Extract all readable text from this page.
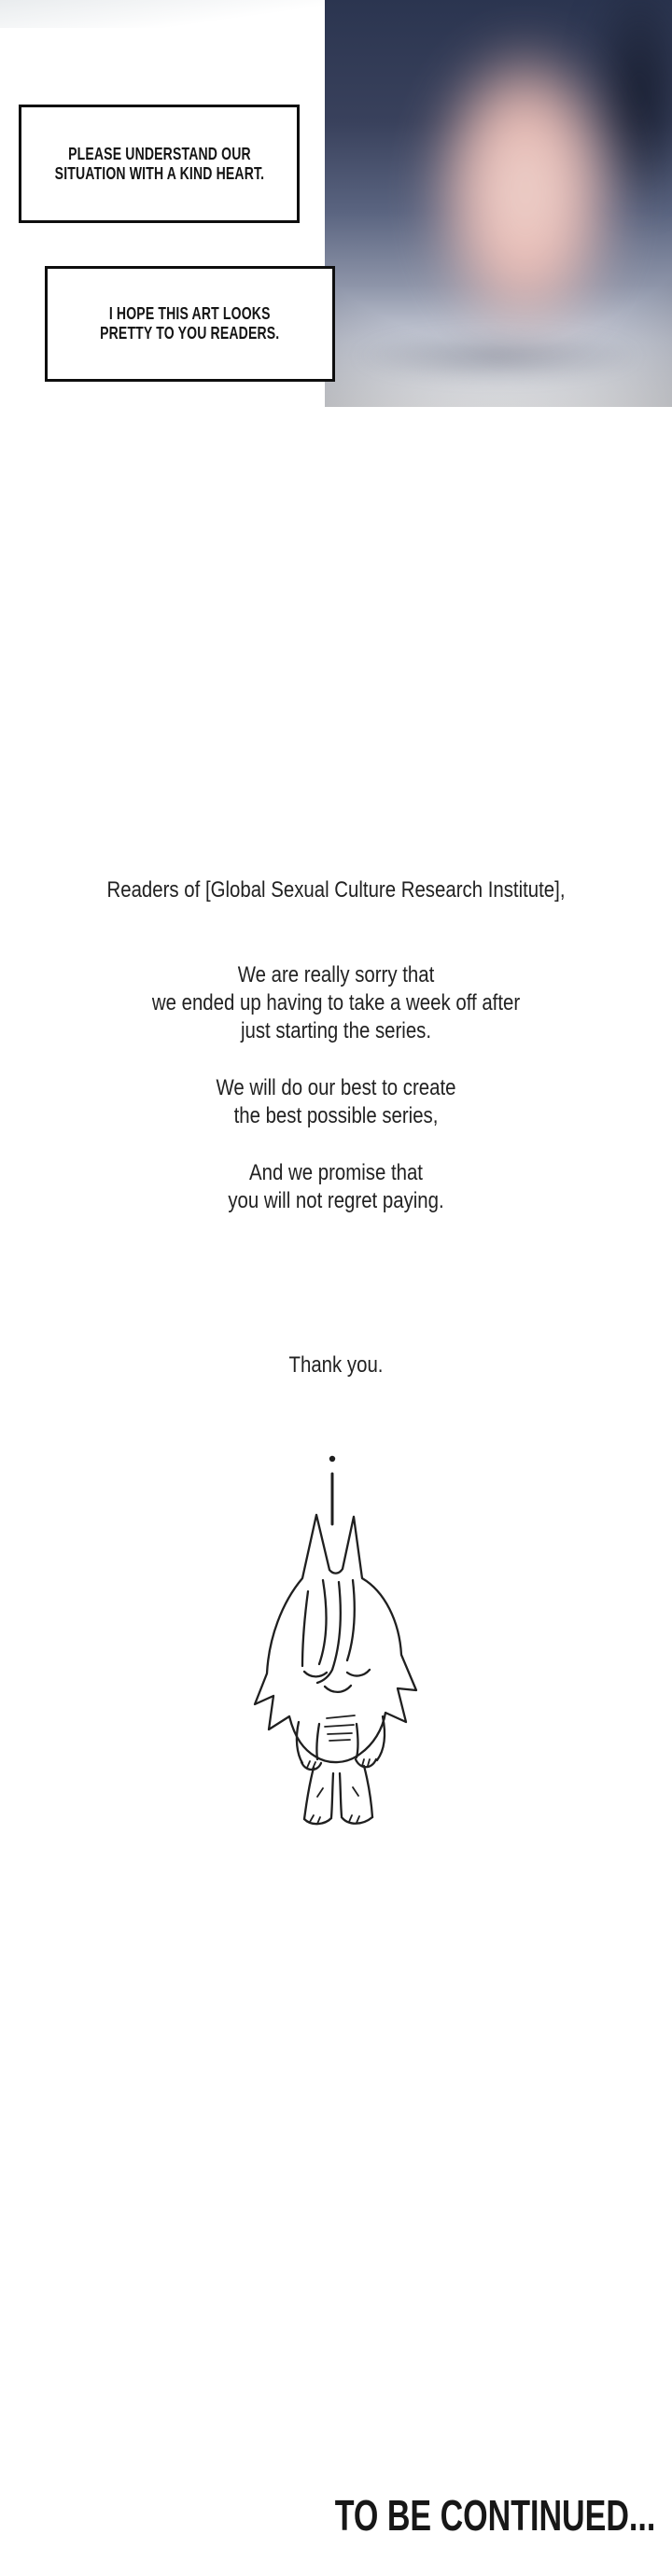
PLEASE UNDERSTAND OUR
SITUATION WITH A KIND HEART.
I HOPE THIS ART LOOKS
PRETTY TO YOU READERS.
Readers of [Global Sexual Culture Research Institute],

We are really sorry that
we ended up having to take a week off after
just starting the series.

We will do our best to create
the best possible series,

And we promise that
you will not regret paying.

Thank you.
TO BE CONTINUED...
